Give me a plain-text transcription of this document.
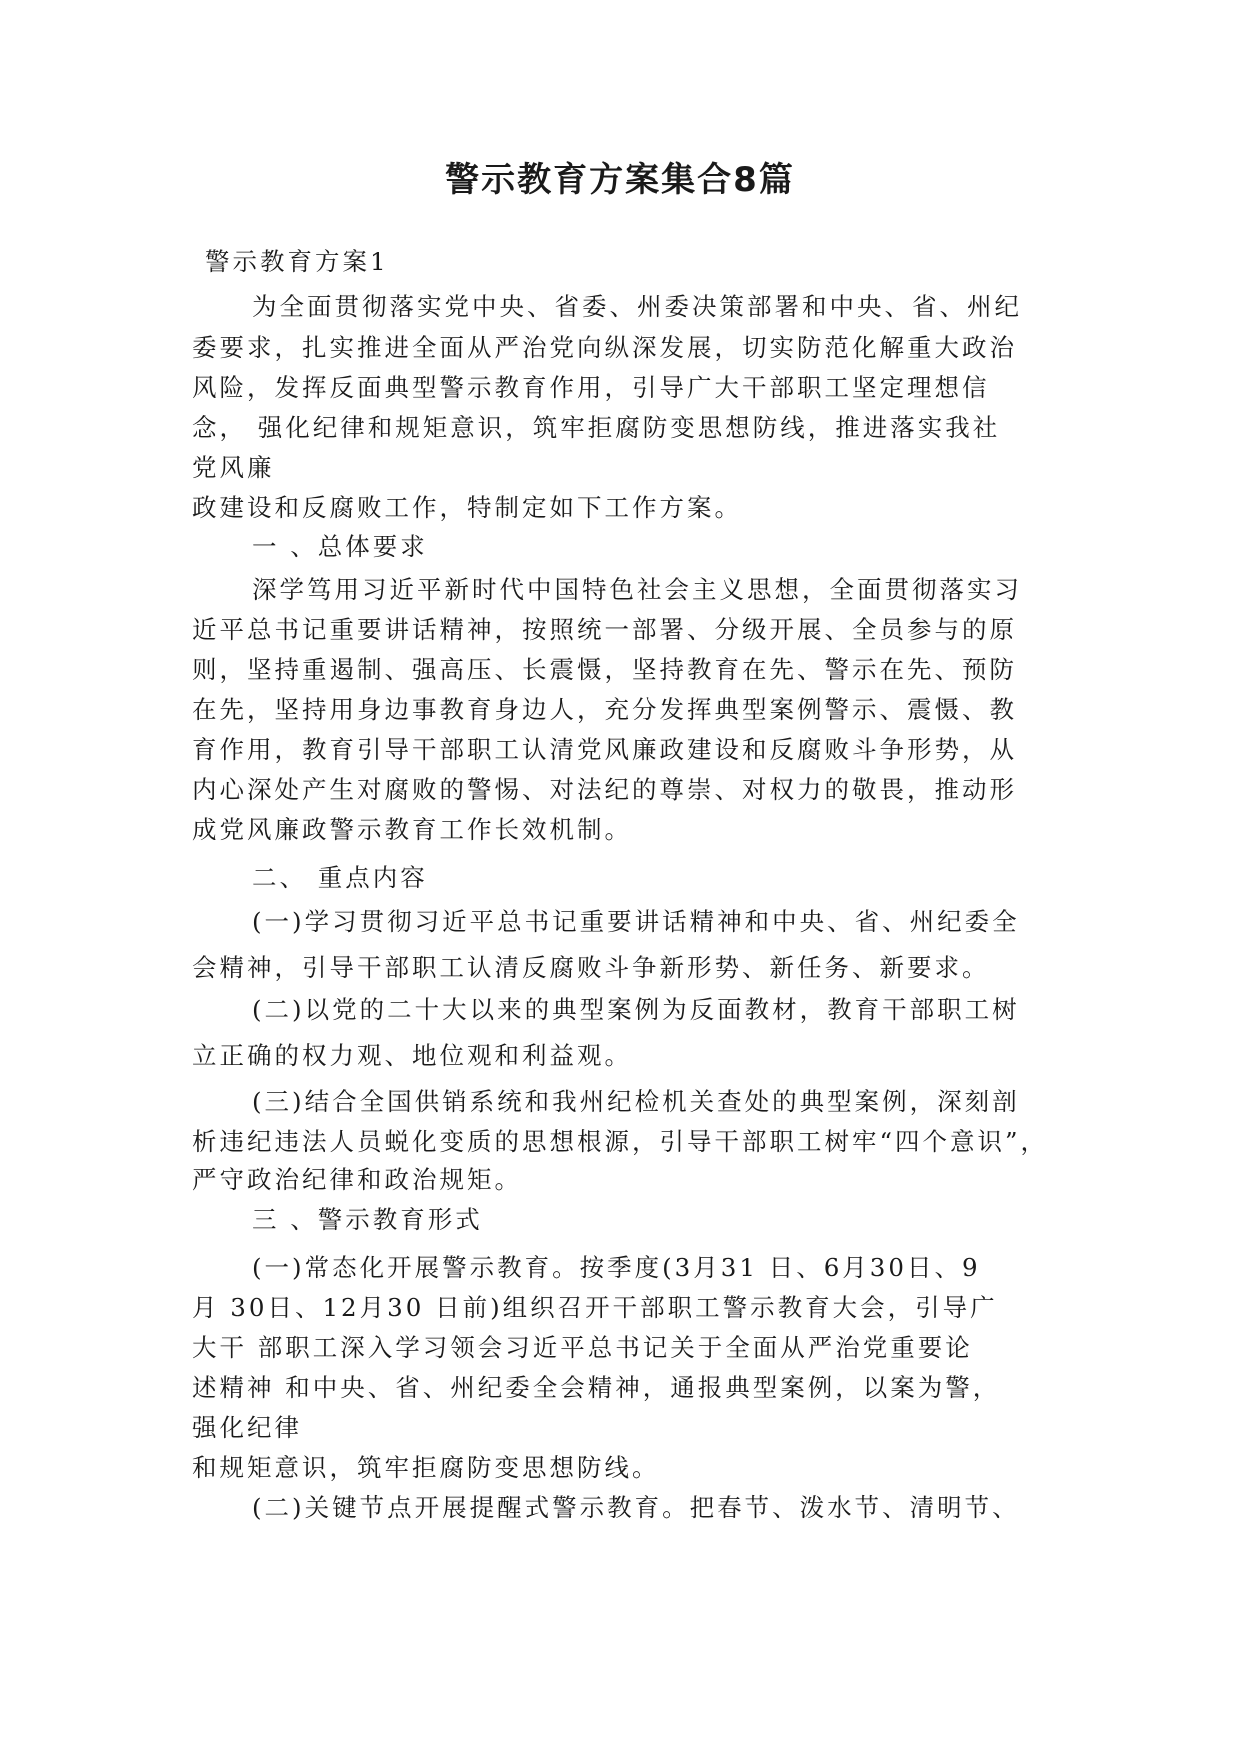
警示教育方案集合8篇
警示教育方案1
为全面贯彻落实党中央、省委、州委决策部署和中央、省、州纪
委要求，扎实推进全面从严治党向纵深发展，切实防范化解重大政治
风险，发挥反面典型警示教育作用，引导广大干部职工坚定理想信
念， 强化纪律和规矩意识，筑牢拒腐防变思想防线，推进落实我社
党风廉
政建设和反腐败工作，特制定如下工作方案。
一 、总体要求
深学笃用习近平新时代中国特色社会主义思想，全面贯彻落实习
近平总书记重要讲话精神，按照统一部署、分级开展、全员参与的原
则，坚持重遏制、强高压、长震慑，坚持教育在先、警示在先、预防
在先，坚持用身边事教育身边人，充分发挥典型案例警示、震慑、教
育作用，教育引导干部职工认清党风廉政建设和反腐败斗争形势，从
内心深处产生对腐败的警惕、对法纪的尊崇、对权力的敬畏，推动形
成党风廉政警示教育工作长效机制。
二、 重点内容
(一)学习贯彻习近平总书记重要讲话精神和中央、省、州纪委全
会精神，引导干部职工认清反腐败斗争新形势、新任务、新要求。
(二)以党的二十大以来的典型案例为反面教材，教育干部职工树
立正确的权力观、地位观和利益观。
(三)结合全国供销系统和我州纪检机关查处的典型案例，深刻剖
析违纪违法人员蜕化变质的思想根源，引导干部职工树牢“四个意识”，
严守政治纪律和政治规矩。
三 、警示教育形式
(一)常态化开展警示教育。按季度(3月31 日、6月30日、9
月 30日、12月30 日前)组织召开干部职工警示教育大会，引导广
大干 部职工深入学习领会习近平总书记关于全面从严治党重要论
述精神 和中央、省、州纪委全会精神，通报典型案例，以案为警，
强化纪律
和规矩意识，筑牢拒腐防变思想防线。
(二)关键节点开展提醒式警示教育。把春节、泼水节、清明节、
